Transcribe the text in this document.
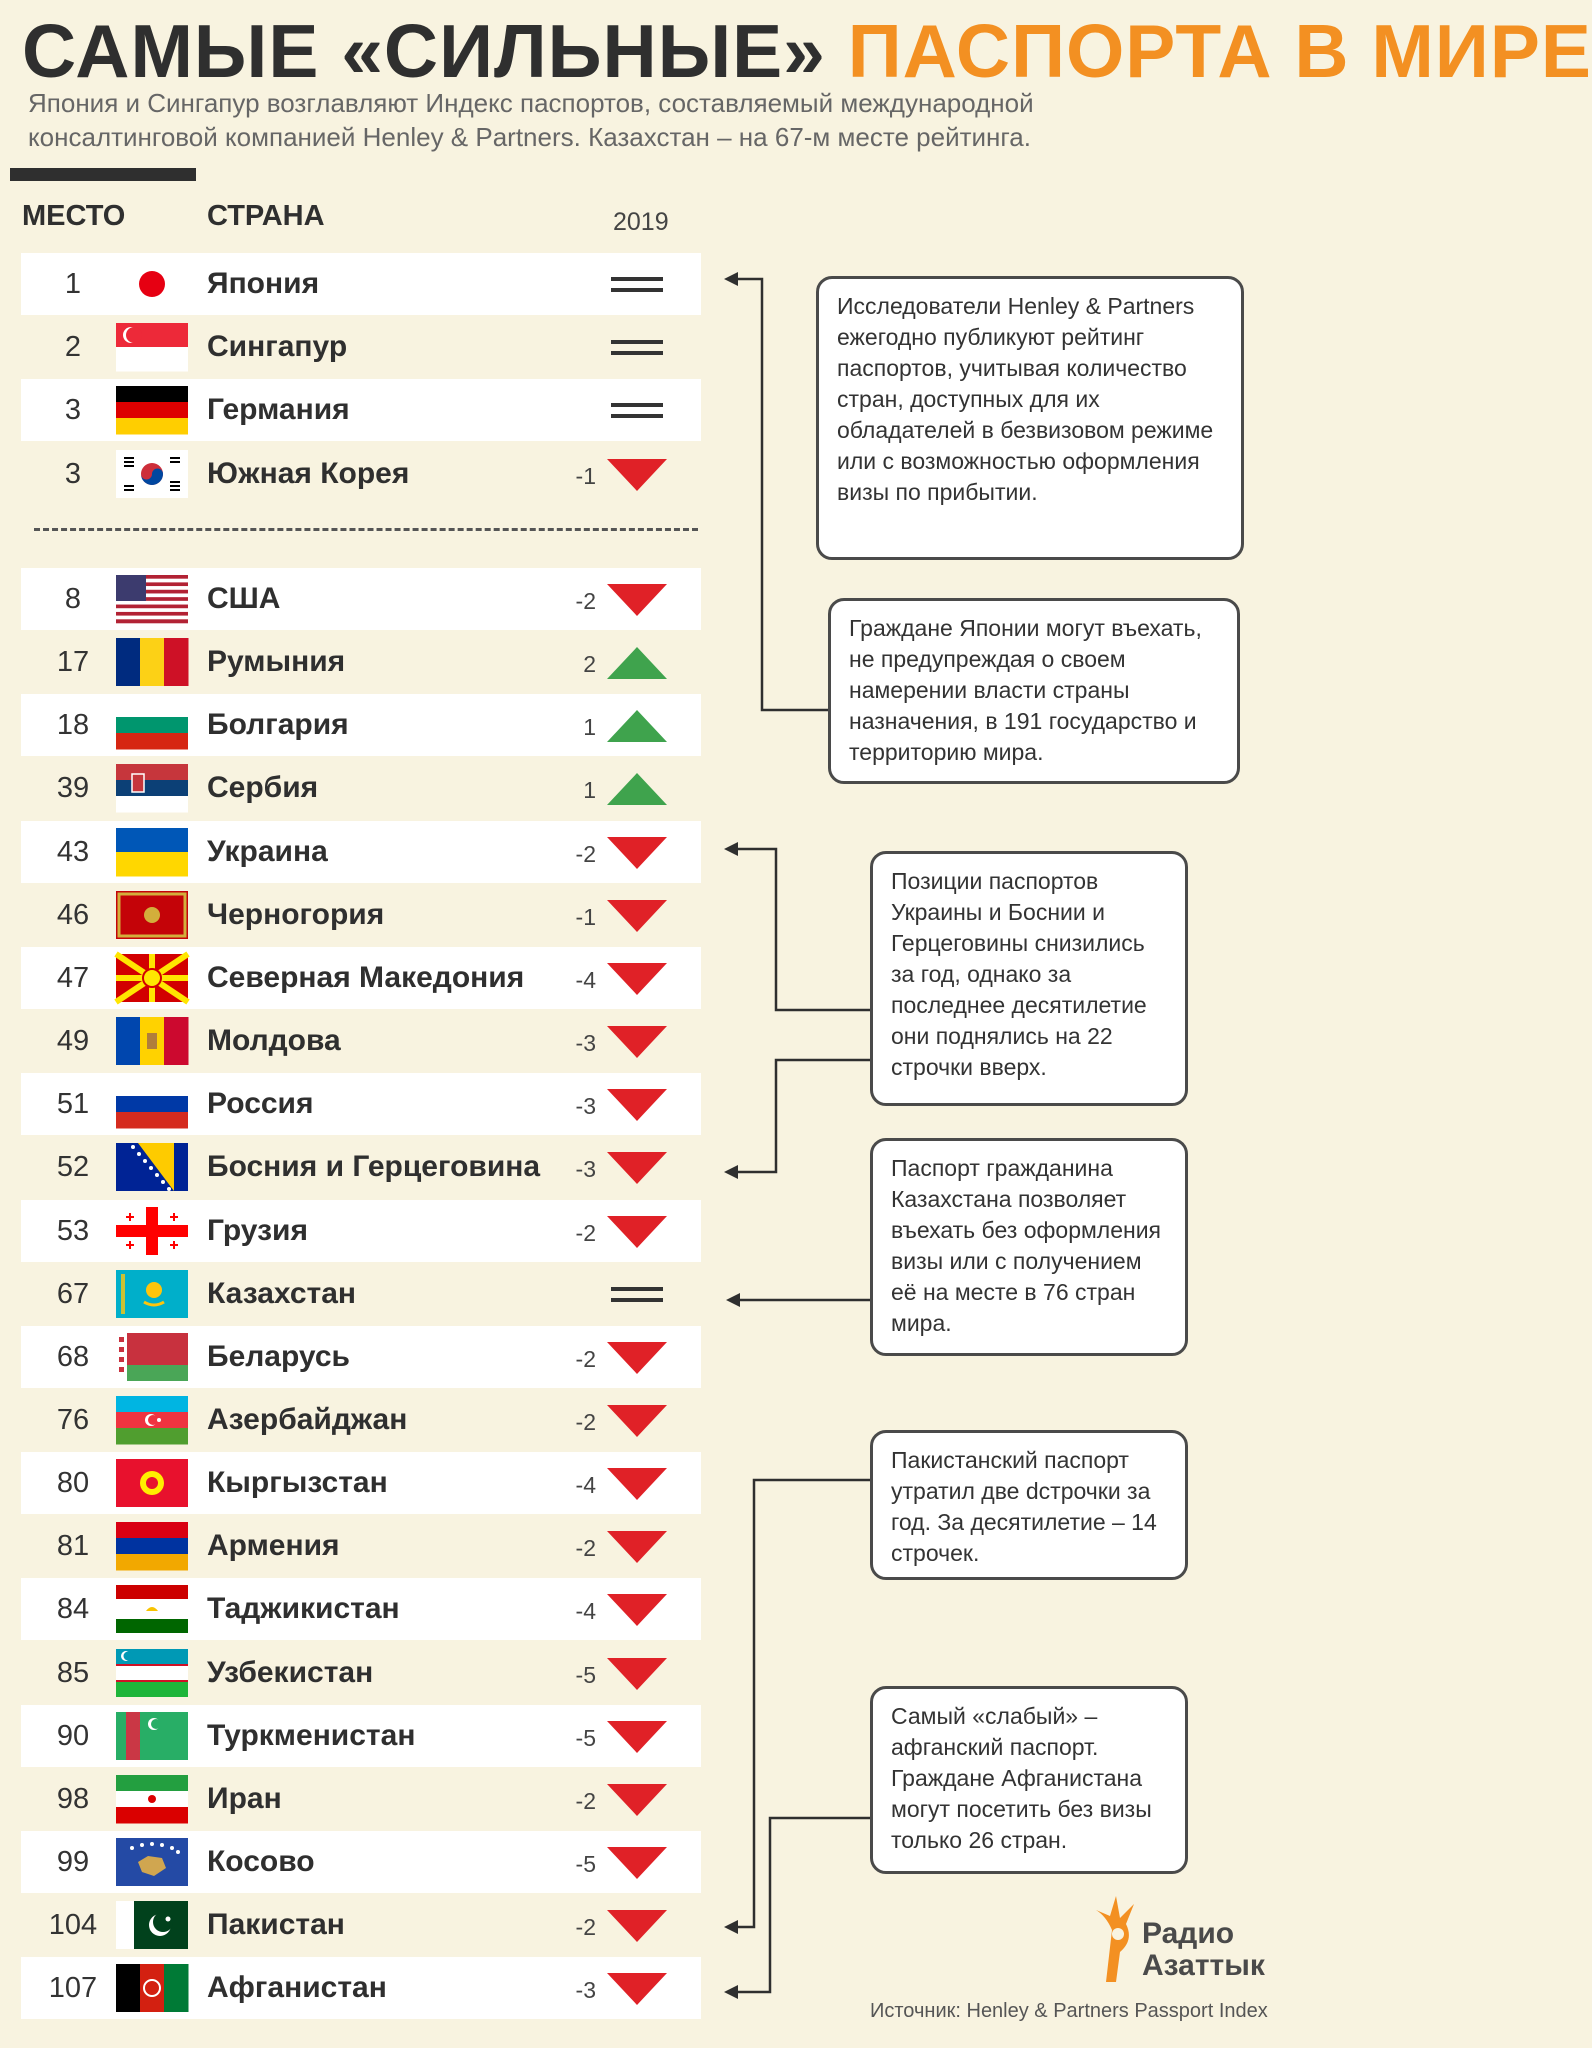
САМЫЕ «СИЛЬНЫЕ» ПАСПОРТА В МИРЕ
Япония и Сингапур возглавляют Индекс паспортов, составляемый международной консалтинговой компанией Henley & Partners. Казахстан – на 67-м месте рейтинга.
МЕСТО	СТРАНА	2019
1	Япония
2	Сингапур
3	Германия
3	Южная Корея	-1
8	США	-2
17	Румыния	2
18	Болгария	1
39	Сербия	1
43	Украина	-2
46	Черногория	-1
47	Северная Македония	-4
49	Молдова	-3
51	Россия	-3
52	Босния и Герцеговина	-3
53	Грузия	-2
67	Казахстан
68	Беларусь	-2
76	Азербайджан	-2
80	Кыргызстан	-4
81	Армения	-2
84	Таджикистан	-4
85	Узбекистан	-5
90	Туркменистан	-5
98	Иран	-2
99	Косово	-5
104	Пакистан	-2
107	Афганистан	-3
Исследователи Henley & Partners ежегодно публикуют рейтинг паспортов, учитывая количество стран, доступных для их обладателей в безвизовом режиме или с возможностью оформления визы по прибытии.
Граждане Японии могут въехать, не предупреждая о своем намерении власти страны назначения, в 191 государство и территорию мира.
Позиции паспортов Украины и Боснии и Герцеговины снизились за год, однако за последнее десятилетие они поднялись на 22 строчки вверх.
Паспорт гражданина Казахстана позволяет въехать без оформления визы или с получением её на месте в 76 стран мира.
Пакистанский паспорт утратил две dстрочки за год. За десятилетие – 14 строчек.
Самый «слабый» – афганский паспорт. Граждане Афганистана могут посетить без визы только 26 стран.
Радио
Азаттык
Источник: Henley & Partners Passport Index
